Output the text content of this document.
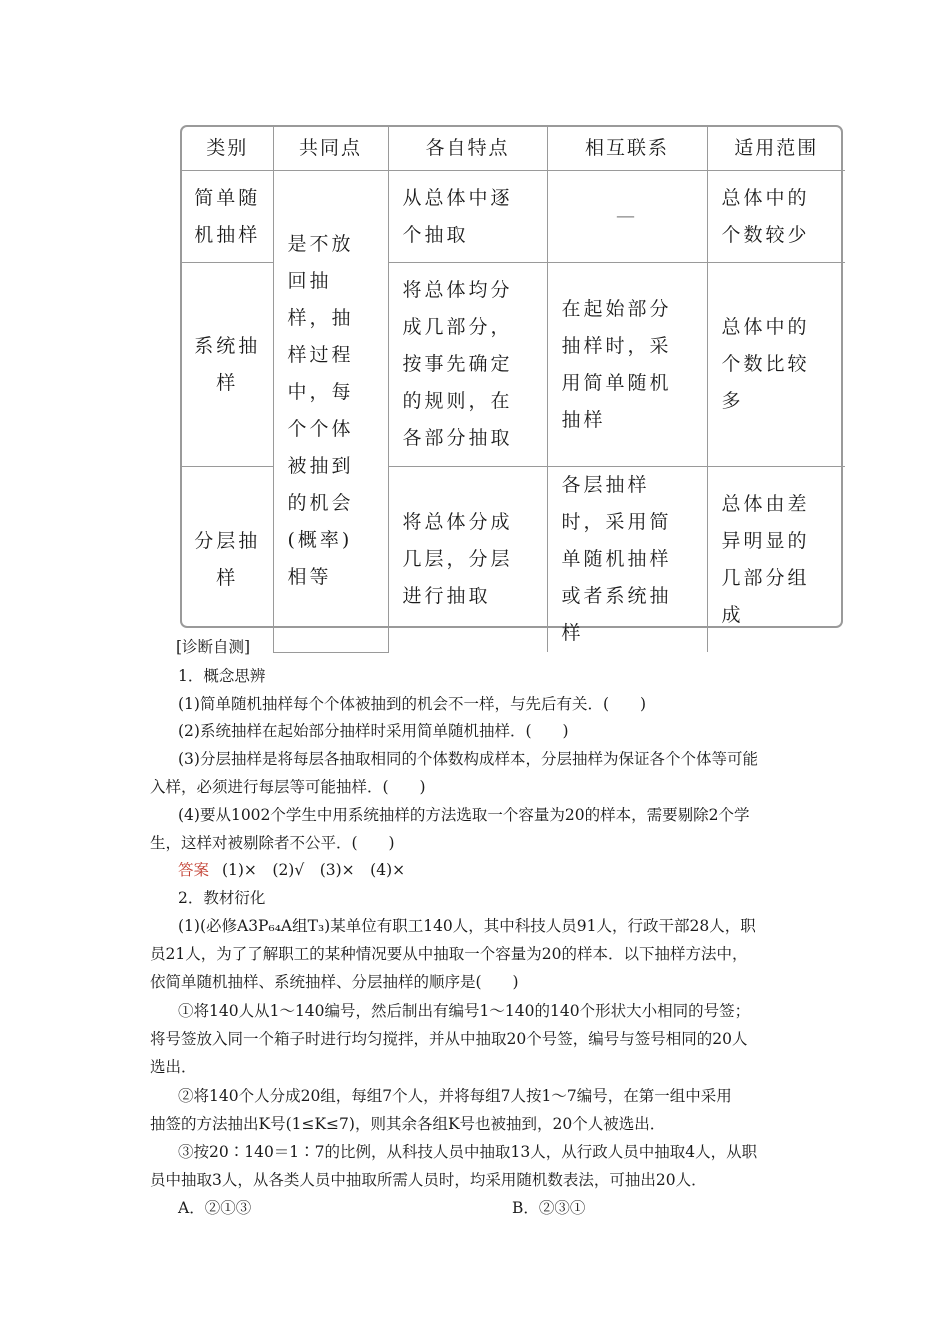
类别	共同点	各自特点	相互联系	适用范围
简单随机抽样	是不放回抽样，抽样过程中，每个个体被抽到的机会(概率)相等	从总体中逐个抽取	—	总体中的个数较少
系统抽样		将总体均分成几部分，按事先确定的规则，在各部分抽取	在起始部分抽样时，采用简单随机抽样	总体中的个数比较多
分层抽样		将总体分成几层，分层进行抽取	各层抽样时，采用简单随机抽样或者系统抽样	总体由差异明显的几部分组成
[诊断自测]
1．概念思辨
(1)简单随机抽样每个个体被抽到的机会不一样，与先后有关．(　　)
(2)系统抽样在起始部分抽样时采用简单随机抽样．(　　)
(3)分层抽样是将每层各抽取相同的个体数构成样本，分层抽样为保证各个个体等可能
入样，必须进行每层等可能抽样．(　　)
(4)要从1002个学生中用系统抽样的方法选取一个容量为20的样本，需要剔除2个学
生，这样对被剔除者不公平．(　　)
答案 (1)×　(2)√　(3)×　(4)×
2．教材衍化
(1)(必修A3P₆₄A组T₃)某单位有职工140人，其中科技人员91人，行政干部28人，职
员21人，为了了解职工的某种情况要从中抽取一个容量为20的样本．以下抽样方法中，
依简单随机抽样、系统抽样、分层抽样的顺序是(　　)
①将140人从1～140编号，然后制出有编号1～140的140个形状大小相同的号签；
将号签放入同一个箱子时进行均匀搅拌，并从中抽取20个号签，编号与签号相同的20人
选出．
②将140个人分成20组，每组7个人，并将每组7人按1～7编号，在第一组中采用
抽签的方法抽出K号(1≤K≤7)，则其余各组K号也被抽到，20个人被选出．
③按20∶140＝1∶7的比例，从科技人员中抽取13人，从行政人员中抽取4人，从职
员中抽取3人，从各类人员中抽取所需人员时，均采用随机数表法，可抽出20人．
A．②①③	B．②③①
